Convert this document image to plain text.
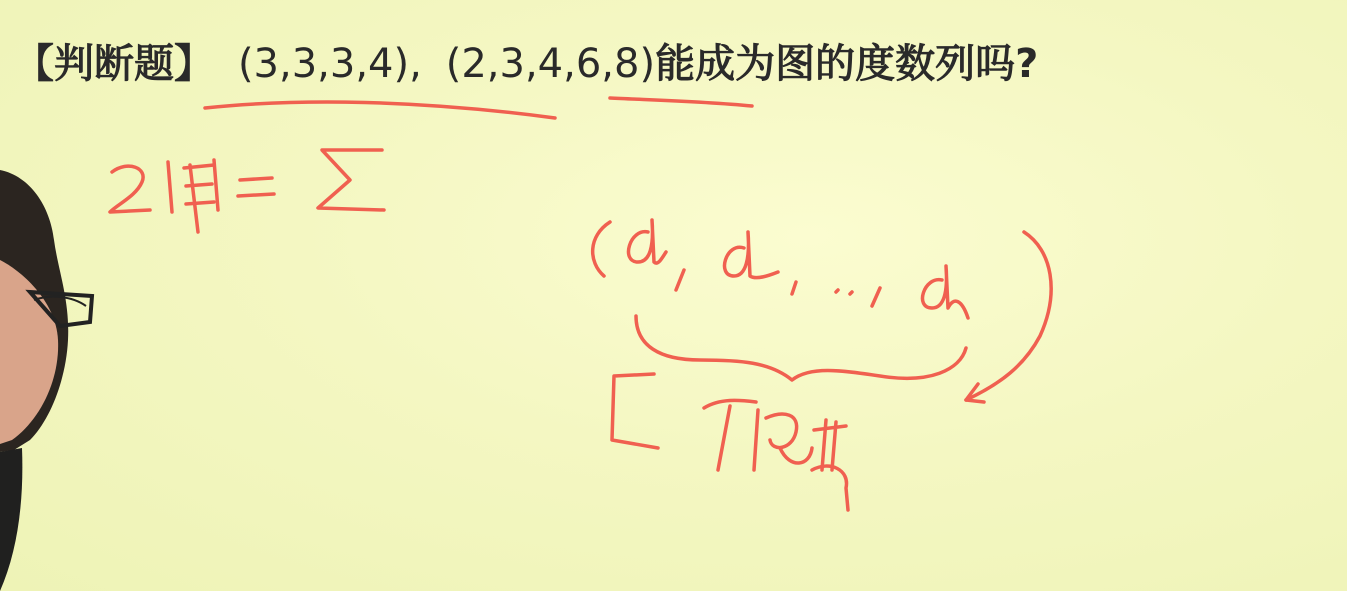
【判断题】 (3,3,3,4), (2,3,4,6,8)能成为图的度数列吗?
